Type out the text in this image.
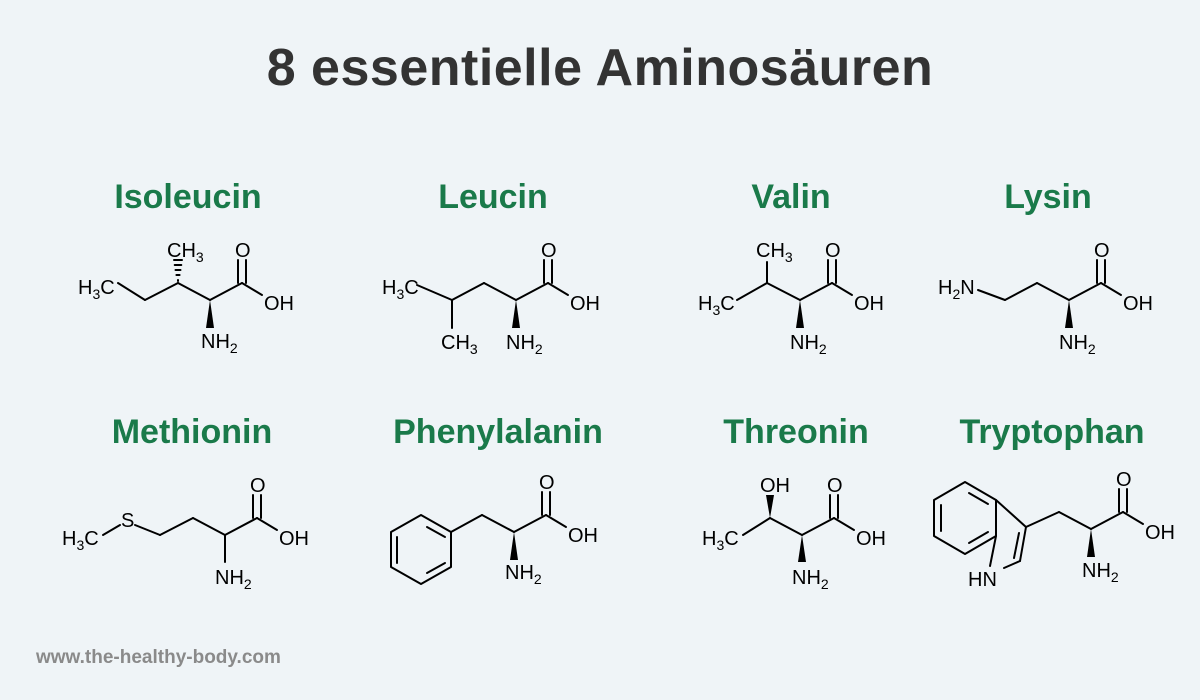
8 essentielle Aminosäuren
Isoleucin	Leucin	Valin	Lysin
Methionin	Phenylalanin	Threonin	Tryptophan
$H_3C$
$CH_3$ O
OH
$NH_2$
$H_3C$
$CH_3$
O
OH
$NH_2$
$H_3C$
$CH_3$ O
OH
$NH_2$
$H_2N$
O
OH
$NH_2$
$H_3C$
S
O
OH
$NH_2$
O
OH
$NH_2$
$H_3C$
OH O
OH
$NH_2$	HN
O
OH
$NH_2$
www.the-healthy-body.com
